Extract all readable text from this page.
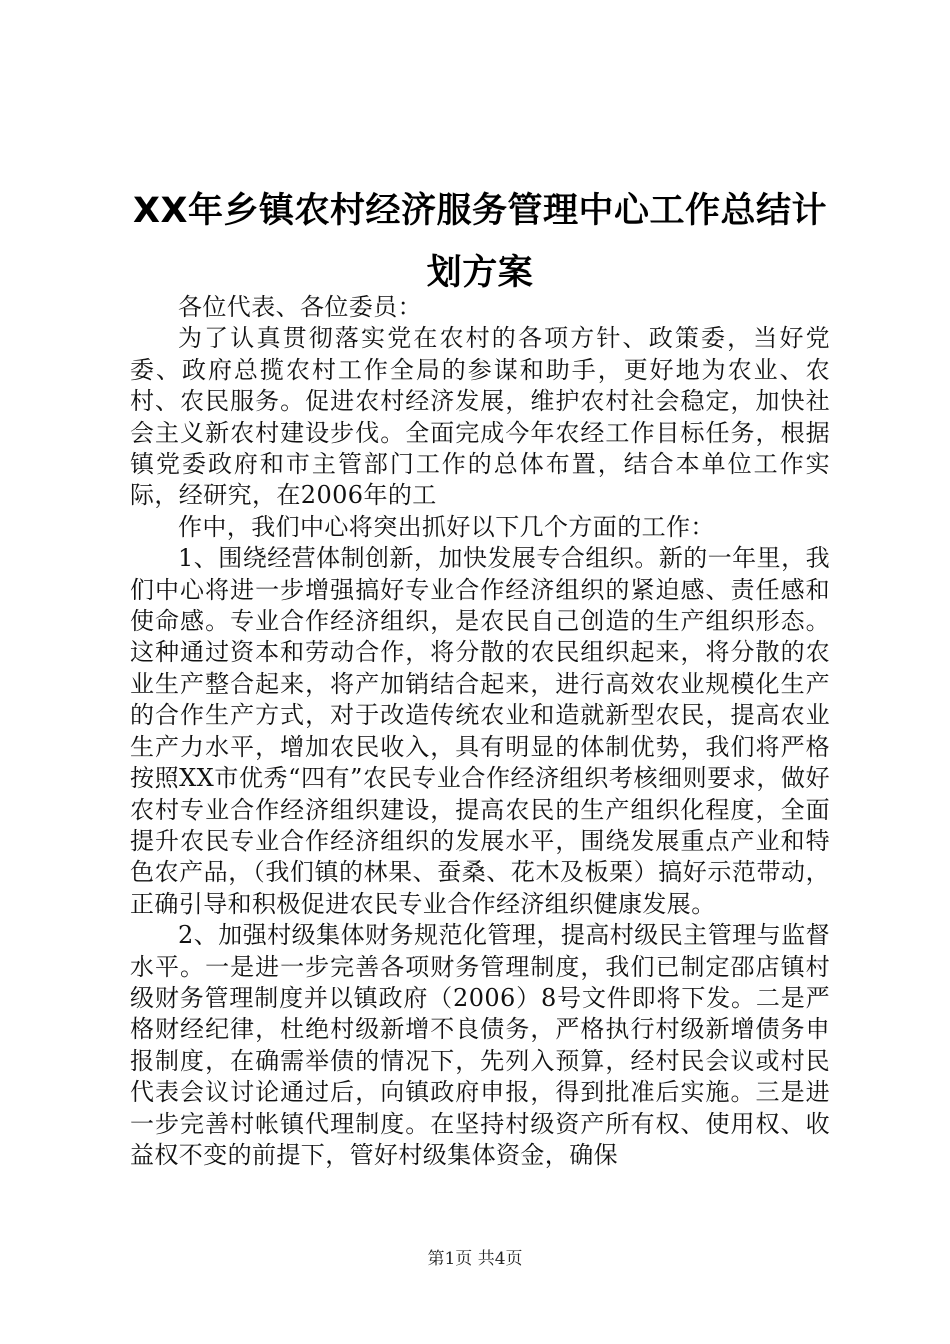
XX年乡镇农村经济服务管理中心工作总结计划方案

各位代表、各位委员：

为了认真贯彻落实党在农村的各项方针、政策委，当好党委、政府总揽农村工作全局的参谋和助手，更好地为农业、农村、农民服务。促进农村经济发展，维护农村社会稳定，加快社会主义新农村建设步伐。全面完成今年农经工作目标任务，根据镇党委政府和市主管部门工作的总体布置，结合本单位工作实际，经研究，在2006年的工

作中，我们中心将突出抓好以下几个方面的工作：

1、围绕经营体制创新，加快发展专合组织。新的一年里，我们中心将进一步增强搞好专业合作经济组织的紧迫感、责任感和使命感。专业合作经济组织，是农民自己创造的生产组织形态。这种通过资本和劳动合作，将分散的农民组织起来，将分散的农业生产整合起来，将产加销结合起来，进行高效农业规模化生产的合作生产方式，对于改造传统农业和造就新型农民，提高农业生产力水平，增加农民收入，具有明显的体制优势，我们将严格按照XX市优秀“四有”农民专业合作经济组织考核细则要求，做好农村专业合作经济组织建设，提高农民的生产组织化程度，全面提升农民专业合作经济组织的发展水平，围绕发展重点产业和特色农产品，（我们镇的林果、蚕桑、花木及板栗）搞好示范带动，正确引导和积极促进农民专业合作经济组织健康发展。

2、加强村级集体财务规范化管理，提高村级民主管理与监督水平。一是进一步完善各项财务管理制度，我们已制定邵店镇村级财务管理制度并以镇政府（2006）8号文件即将下发。二是严格财经纪律，杜绝村级新增不良债务，严格执行村级新增债务申报制度，在确需举债的情况下，先列入预算，经村民会议或村民代表会议讨论通过后，向镇政府申报，得到批准后实施。三是进一步完善村帐镇代理制度。在坚持村级资产所有权、使用权、收益权不变的前提下，管好村级集体资金，确保

第1页 共4页
